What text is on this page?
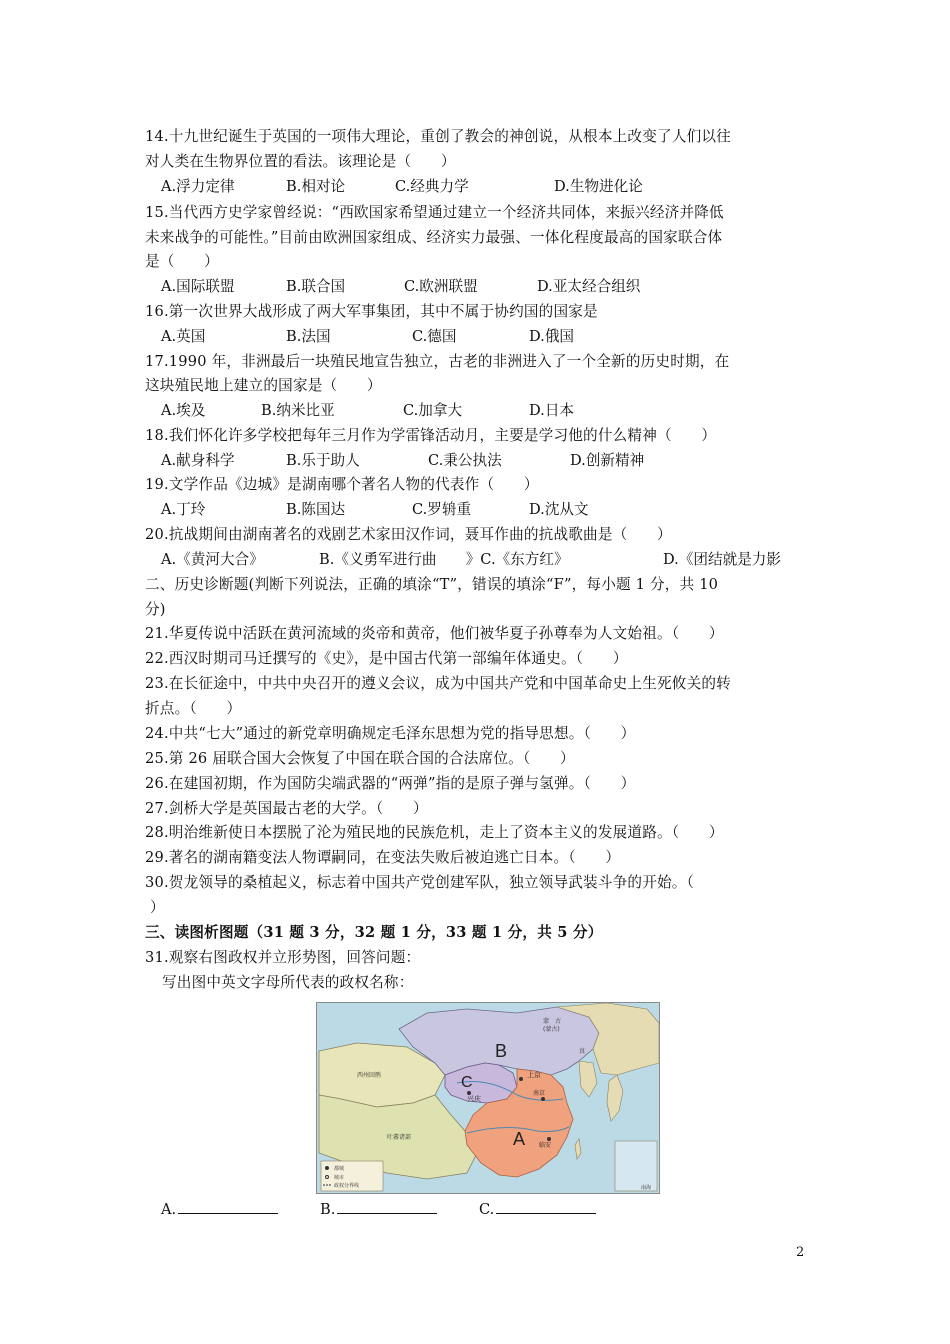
14.十九世纪诞生于英国的一项伟大理论，重创了教会的神创说，从根本上改变了人们以往
对人类在生物界位置的看法。该理论是（　　）
A.浮力定律	B.相对论	C.经典力学	D.生物进化论
15.当代西方史学家曾经说：“西欧国家希望通过建立一个经济共同体，来振兴经济并降低
未来战争的可能性。”目前由欧洲国家组成、经济实力最强、一体化程度最高的国家联合体
是（　　）
A.国际联盟	B.联合国	C.欧洲联盟	D.亚太经合组织
16.第一次世界大战形成了两大军事集团，其中不属于协约国的国家是
A.英国	B.法国	C.德国	D.俄国
17.1990 年，非洲最后一块殖民地宣告独立，古老的非洲进入了一个全新的历史时期，在
这块殖民地上建立的国家是（　　）
A.埃及	B.纳米比亚	C.加拿大	D.日本
18.我们怀化许多学校把每年三月作为学雷锋活动月，主要是学习他的什么精神（　　）
A.献身科学	B.乐于助人	C.秉公执法	D.创新精神
19.文学作品《边城》是湖南哪个著名人物的代表作（　　）
A.丁玲	B.陈国达	C.罗辀重	D.沈从文
20.抗战期间由湖南著名的戏剧艺术家田汉作词，聂耳作曲的抗战歌曲是（　　）
A.《黄河大合》	B.《义勇军进行曲　　》C.《东方红》	D.《团结就是力影
二、历史诊断题(判断下列说法，正确的填涂“T”，错误的填涂“F”，每小题 1 分，共 10
分)
21.华夏传说中活跃在黄河流域的炎帝和黄帝，他们被华夏子孙尊奉为人文始祖。（　　）
22.西汉时期司马迁撰写的《史》，是中国古代第一部编年体通史。（　　）
23.在长征途中，中共中央召开的遵义会议，成为中国共产党和中国革命史上生死攸关的转
折点。（　　）
24.中共“七大”通过的新党章明确规定毛泽东思想为党的指导思想。（　　）
25.第 26 届联合国大会恢复了中国在联合国的合法席位。（　　）
26.在建国初期，作为国防尖端武器的“两弹”指的是原子弹与氢弹。（　　）
27.剑桥大学是英国最古老的大学。（　　）
28.明治维新使日本摆脱了沦为殖民地的民族危机，走上了资本主义的发展道路。（　　）
29.著名的湖南籍变法人物谭嗣同，在变法失败后被迫逃亡日本。（　　）
30.贺龙领导的桑植起义，标志着中国共产党创建军队，独立领导武装斗争的开始。（
）
三、读图析图题（31 题 3 分，32 题 1 分，33 题 1 分，共 5 分）
31.观察右图政权并立形势图，回答问题：
写出图中英文字母所代表的政权名称：
B
C
A
蒙　古
(蒙古)
上京
南京
兴庆
临安
西州回鹘
吐蕃诸部
真
都城
城市
政权分界线	南海
A.	B.	C.
2
